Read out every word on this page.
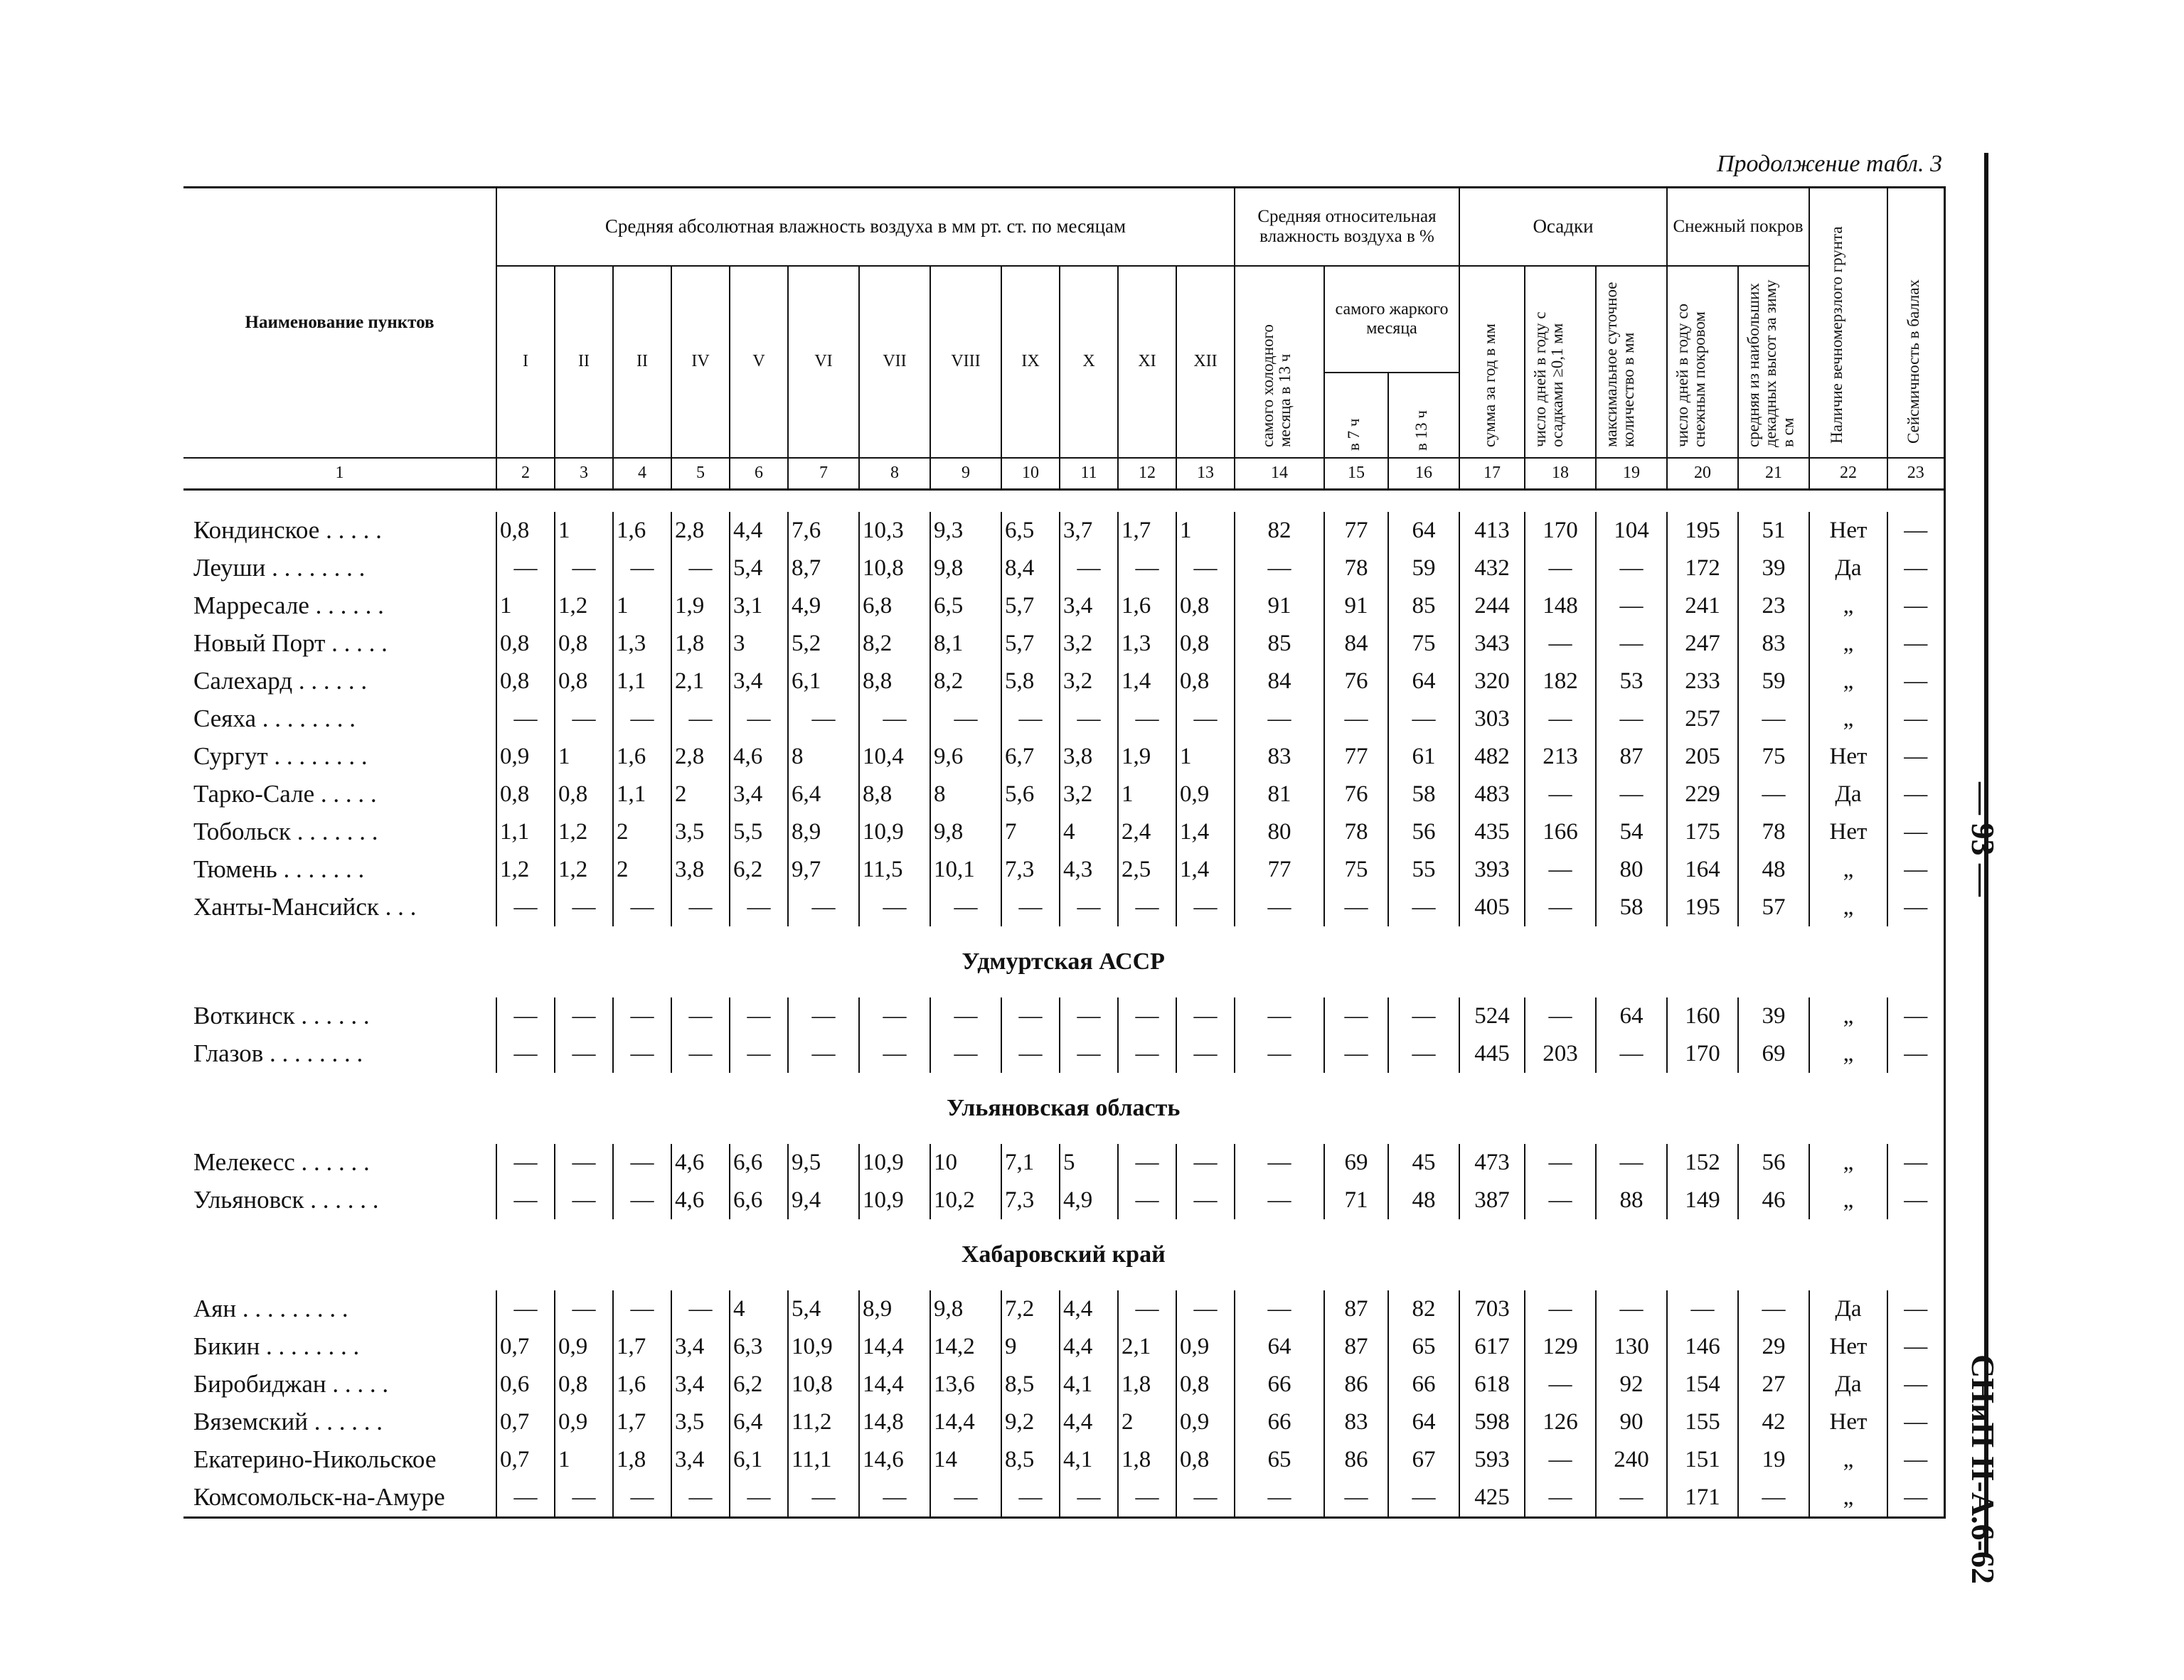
Продолжение табл. 3
— 93 —
СНиП II-А.6-62
Наименование пунктов	Средняя абсолютная влажность воздуха в мм рт. ст. по месяцам												Средняя относительная влажность воздуха в %			Осадки			Снежный покров		Наличие вечномерзлого грунта	Сейсмичность в баллах

	I	II	II	IV	V	VI	VII	VIII	IX	X	XI	XII	самого холодного месяца в 13 ч	самого жаркого месяца		сумма за год в мм	число дней в году с осадками ≥0,1 мм	максимальное суточное количество в мм	число дней в году со снежным покровом	средняя из наибольших декадных высот за зиму в см		

														в 7 ч	в 13 ч							

1	2	3	4	5	6	7	8	9	10	11	12	13	14	15	16	17	18	19	20	21	22	23

Кондинское . . . . .	0,8	1	1,6	2,8	4,4	7,6	10,3	9,3	6,5	3,7	1,7	1	82	77	64	413	170	104	195	51	Нет	—
Леуши . . . . . . . .	—	—	—	—	5,4	8,7	10,8	9,8	8,4	—	—	—	—	78	59	432	—	—	172	39	Да	—
Марресале . . . . . .	1	1,2	1	1,9	3,1	4,9	6,8	6,5	5,7	3,4	1,6	0,8	91	91	85	244	148	—	241	23	„	—
Новый Порт . . . . .	0,8	0,8	1,3	1,8	3	5,2	8,2	8,1	5,7	3,2	1,3	0,8	85	84	75	343	—	—	247	83	„	—
Салехард . . . . . .	0,8	0,8	1,1	2,1	3,4	6,1	8,8	8,2	5,8	3,2	1,4	0,8	84	76	64	320	182	53	233	59	„	—
Сеяха . . . . . . . .	—	—	—	—	—	—	—	—	—	—	—	—	—	—	—	303	—	—	257	—	„	—
Сургут . . . . . . . .	0,9	1	1,6	2,8	4,6	8	10,4	9,6	6,7	3,8	1,9	1	83	77	61	482	213	87	205	75	Нет	—
Тарко-Сале . . . . .	0,8	0,8	1,1	2	3,4	6,4	8,8	8	5,6	3,2	1	0,9	81	76	58	483	—	—	229	—	Да	—
Тобольск . . . . . . .	1,1	1,2	2	3,5	5,5	8,9	10,9	9,8	7	4	2,4	1,4	80	78	56	435	166	54	175	78	Нет	—
Тюмень . . . . . . .	1,2	1,2	2	3,8	6,2	9,7	11,5	10,1	7,3	4,3	2,5	1,4	77	75	55	393	—	80	164	48	„	—
Ханты-Мансийск . . .	—	—	—	—	—	—	—	—	—	—	—	—	—	—	—	405	—	58	195	57	„	—
Удмуртская АССР																						
Воткинск . . . . . .	—	—	—	—	—	—	—	—	—	—	—	—	—	—	—	524	—	64	160	39	„	—
Глазов . . . . . . . .	—	—	—	—	—	—	—	—	—	—	—	—	—	—	—	445	203	—	170	69	„	—
Ульяновская область																						
Мелекесс . . . . . .	—	—	—	4,6	6,6	9,5	10,9	10	7,1	5	—	—	—	69	45	473	—	—	152	56	„	—
Ульяновск . . . . . .	—	—	—	4,6	6,6	9,4	10,9	10,2	7,3	4,9	—	—	—	71	48	387	—	88	149	46	„	—
Хабаровский край																						
Аян . . . . . . . . .	—	—	—	—	4	5,4	8,9	9,8	7,2	4,4	—	—	—	87	82	703	—	—	—	—	Да	—
Бикин . . . . . . . .	0,7	0,9	1,7	3,4	6,3	10,9	14,4	14,2	9	4,4	2,1	0,9	64	87	65	617	129	130	146	29	Нет	—
Биробиджан . . . . .	0,6	0,8	1,6	3,4	6,2	10,8	14,4	13,6	8,5	4,1	1,8	0,8	66	86	66	618	—	92	154	27	Да	—
Вяземский . . . . . .	0,7	0,9	1,7	3,5	6,4	11,2	14,8	14,4	9,2	4,4	2	0,9	66	83	64	598	126	90	155	42	Нет	—
Екатерино-Никольское	0,7	1	1,8	3,4	6,1	11,1	14,6	14	8,5	4,1	1,8	0,8	65	86	67	593	—	240	151	19	„	—
Комсомольск-на-Амуре	—	—	—	—	—	—	—	—	—	—	—	—	—	—	—	425	—	—	171	—	„	—
